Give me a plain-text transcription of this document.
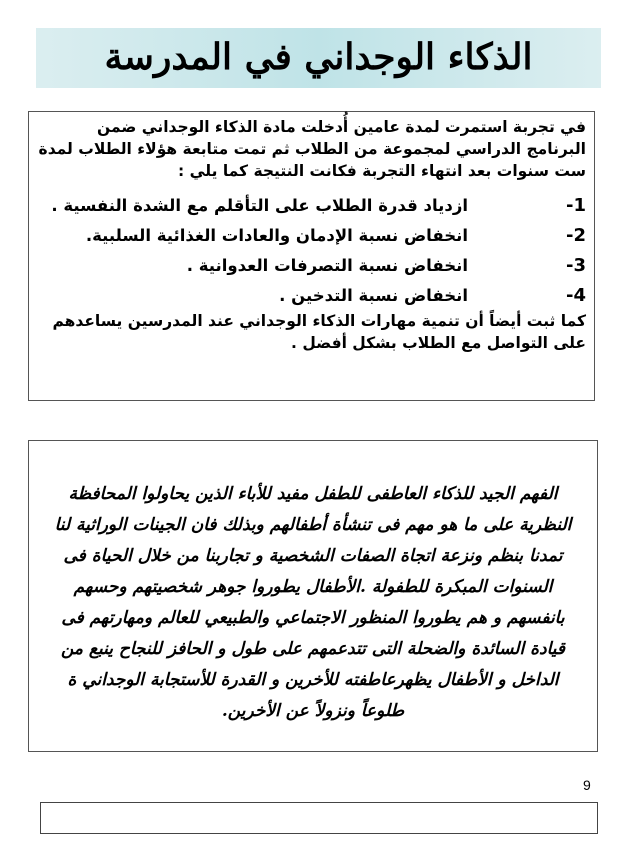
الذكاء الوجداني في المدرسة

في تجربة استمرت لمدة عامين أُدخلت مادة الذكاء الوجداني ضمن البرنامج الدراسي لمجموعة من الطلاب ثم تمت متابعة هؤلاء الطلاب لمدة ست سنوات بعد انتهاء التجربة فكانت النتيجة كما يلي :

1-
ازدياد قدرة الطلاب على التأقلم مع الشدة النفسية .
2-
انخفاض نسبة الإدمان والعادات الغذائية السلبية.
3-
انخفاض نسبة التصرفات العدوانية .
4-
انخفاض نسبة التدخين .

كما ثبت أيضاً أن تنمية مهارات الذكاء الوجداني عند المدرسين يساعدهم على التواصل مع الطلاب بشكل أفضل .

الفهم الجيد للذكاء العاطفى للطفل مفيد للأباء الذين يحاولوا المحافظة النظرية على ما هو مهم فى تنشأة أطفالهم وبذلك فان الجينات الوراثية لنا تمدنا بنظم ونزعة اتجاة الصفات الشخصية و تجاربنا من خلال الحياة فى السنوات المبكرة للطفولة .الأطفال يطوروا جوهر شخصيتهم وحسهم بانفسهم و هم يطوروا المنظور الاجتماعي والطبيعي للعالم ومهارتهم فى قيادة السائدة والضحلة التى تتدعمهم على طول و الحافز للنجاح ينبع من الداخل و الأطفال يظهرعاطفته للأخرين و القدرة للأستجابة الوجداني ة طلوعاً ونزولاً عن الأخرين.

9
